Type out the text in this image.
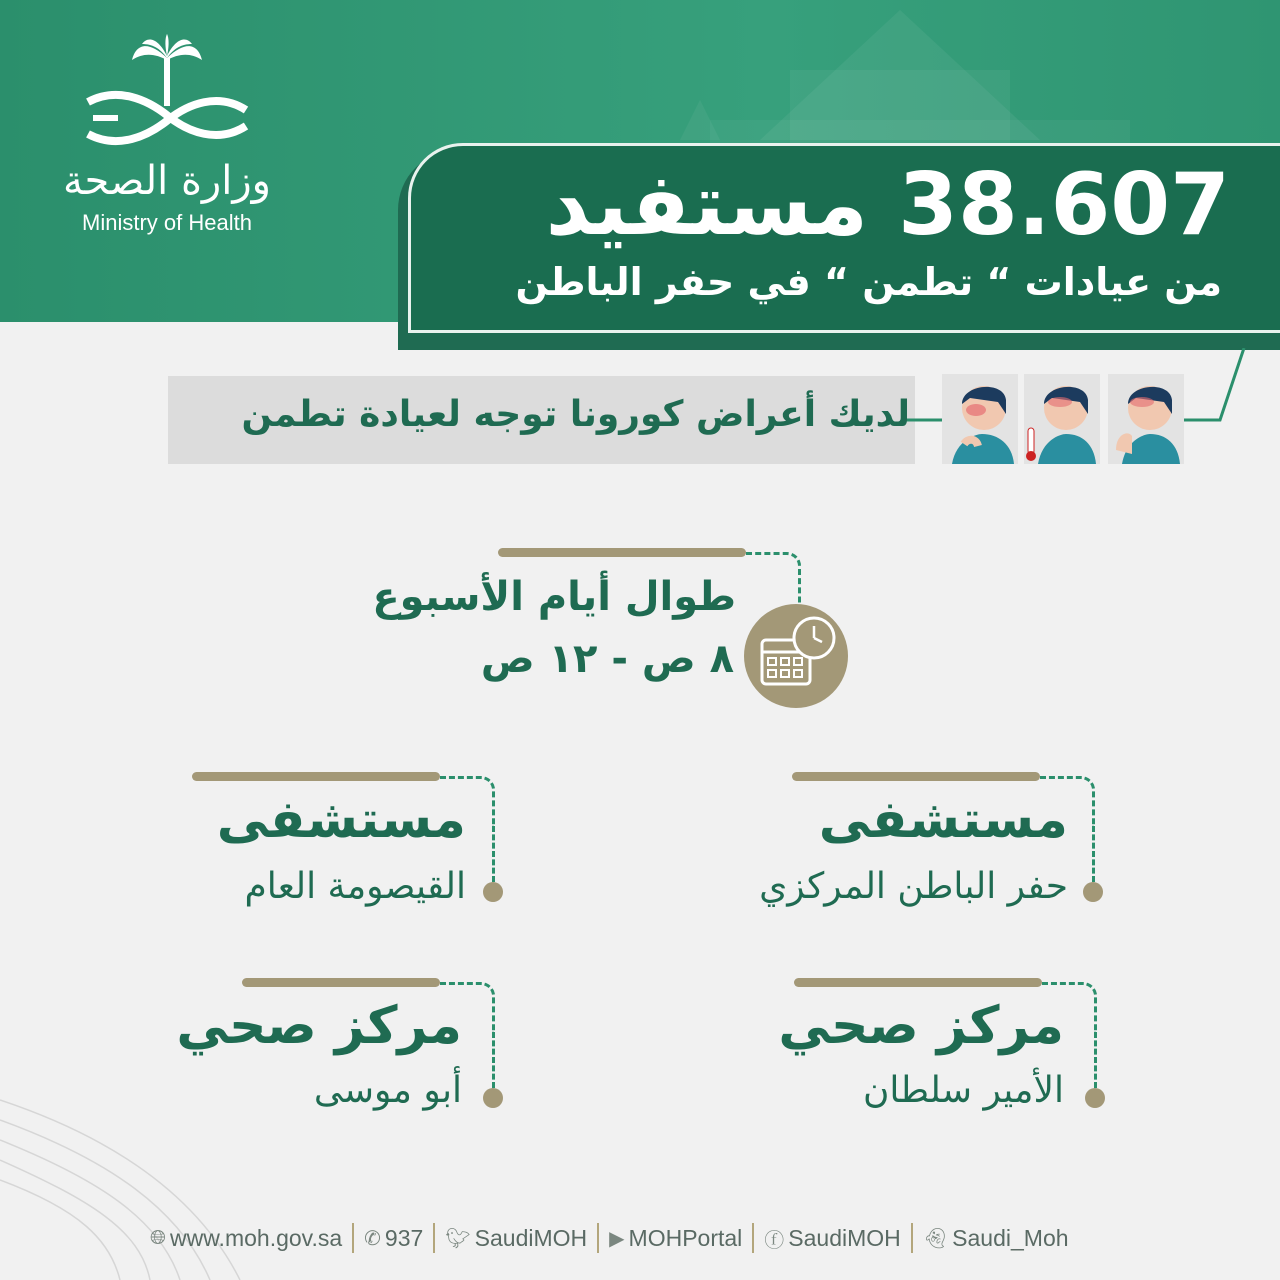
وزارة الصحة
Ministry of Health	38.607 مستفيد
من عيادات “ تطمن “ في حفر الباطن
لديك أعراض كورونا توجه لعيادة تطمن
طوال أيام الأسبوع
٨ ص - ١٢ ص
مستشفى
حفر الباطن المركزي
مستشفى
القيصومة العام
مركز صحي
الأمير سلطان
مركز صحي
أبو موسى
🌐︎ www.moh.gov.sa ✆ 937 🐦︎ SaudiMOH ▶ MOHPortal ⓕ SaudiMOH 👻︎ Saudi_Moh
